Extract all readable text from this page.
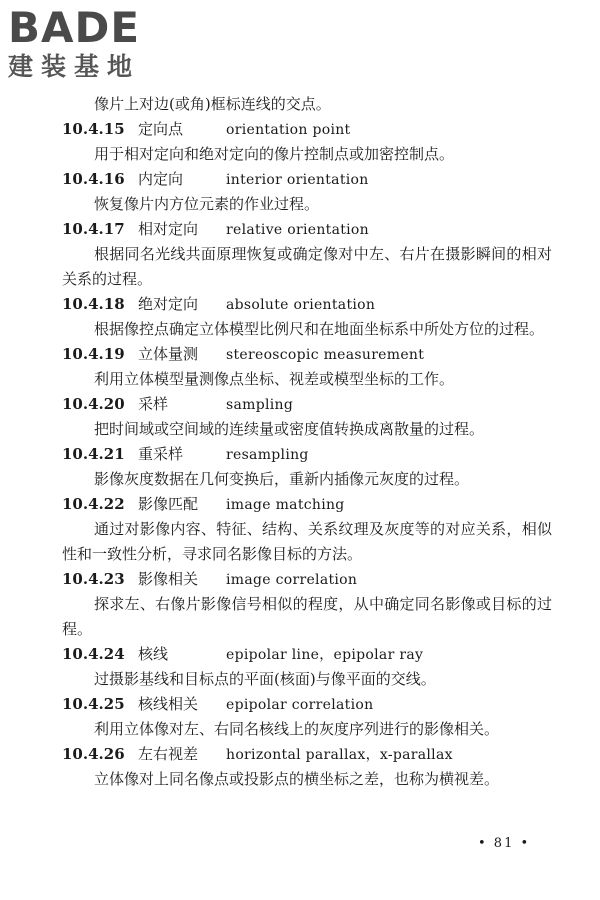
BADE
建装基地

像片上对边(或角)框标连线的交点。

10.4.15 定向点	orientation point

用于相对定向和绝对定向的像片控制点或加密控制点。

10.4.16 内定向	interior orientation

恢复像片内方位元素的作业过程。

10.4.17 相对定向	relative orientation

根据同名光线共面原理恢复或确定像对中左、右片在摄影瞬间的相对关系的过程。

10.4.18 绝对定向	absolute orientation

根据像控点确定立体模型比例尺和在地面坐标系中所处方位的过程。

10.4.19 立体量测	stereoscopic measurement

利用立体模型量测像点坐标、视差或模型坐标的工作。

10.4.20 采样	sampling

把时间域或空间域的连续量或密度值转换成离散量的过程。

10.4.21 重采样	resampling

影像灰度数据在几何变换后，重新内插像元灰度的过程。

10.4.22 影像匹配	image matching

通过对影像内容、特征、结构、关系纹理及灰度等的对应关系，相似性和一致性分析，寻求同名影像目标的方法。

10.4.23 影像相关	image correlation

探求左、右像片影像信号相似的程度，从中确定同名影像或目标的过程。

10.4.24 核线	epipolar line，epipolar ray

过摄影基线和目标点的平面(核面)与像平面的交线。

10.4.25 核线相关	epipolar correlation

利用立体像对左、右同名核线上的灰度序列进行的影像相关。

10.4.26 左右视差	horizontal parallax，x-parallax

立体像对上同名像点或投影点的横坐标之差，也称为横视差。

• 81 •
